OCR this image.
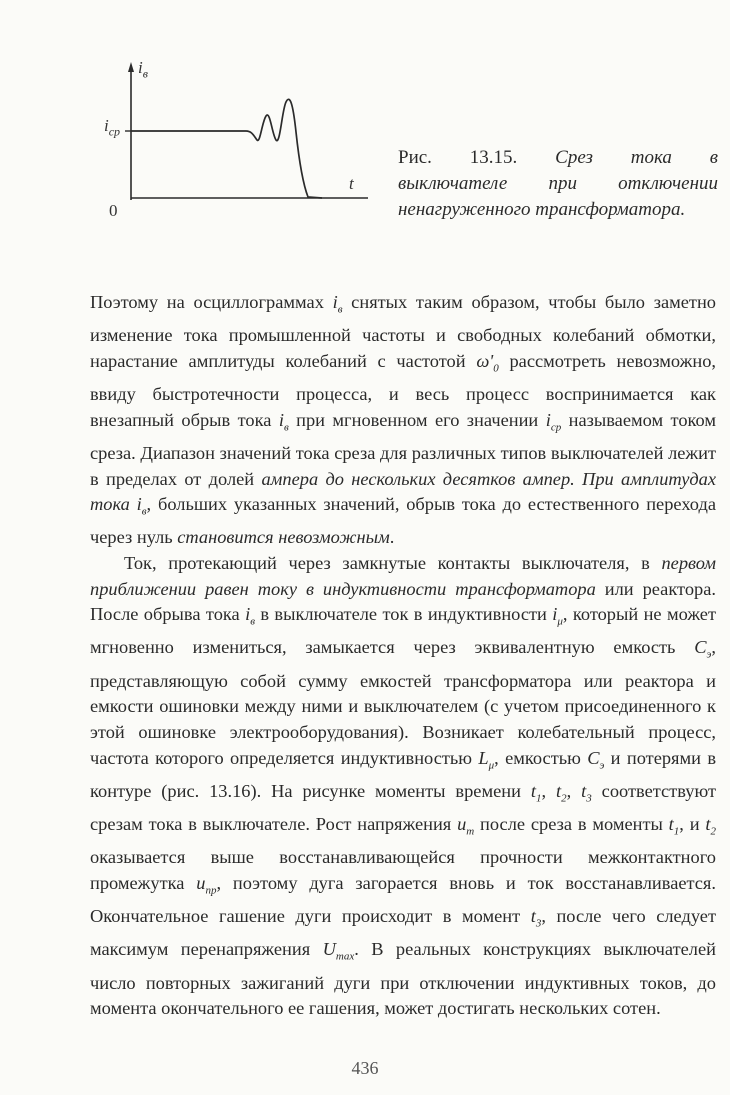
$i_в$
$i_{ср}$
t
0
Рис. 13.15. Срез тока в
выключателе при отключении
ненагруженного трансформатора.

Поэтому на осциллограммах $i_в$ снятых таким образом, чтобы было заметно изменение тока промышленной частоты и свободных колебаний обмотки, нарастание амплитуды колебаний с частотой $\omega'_0$ рассмотреть невозможно, ввиду быстротечности процесса, и весь процесс воспринимается как внезапный обрыв тока $i_в$ при мгновенном его значении $i_{ср}$ называемом током среза. Диапазон значений тока среза для различных типов выключателей лежит в пределах от долей ампера до нескольких десятков ампер. При амплитудах тока $i_в$, больших указанных значений, обрыв тока до естественного перехода через нуль становится невозможным.

Ток, протекающий через замкнутые контакты выключателя, в первом приближении равен току в индуктивности трансформатора или реактора. После обрыва тока $i_в$ в выключателе ток в индуктивности $i_\mu$, который не может мгновенно измениться, замыкается через эквивалентную емкость $C_э$, представляющую собой сумму емкостей трансформатора или реактора и емкости ошиновки между ними и выключателем (с учетом присоединенного к этой ошиновке электрооборудования). Возникает колебательный процесс, частота которого определяется индуктивностью $L_\mu$, емкостью $C_э$ и потерями в контуре (рис. 13.16). На рисунке моменты времени $t_1$, $t_2$, $t_3$ соответствуют срезам тока в выключателе. Рост напряжения $u_m$ после среза в моменты $t_1$, и $t_2$ оказывается выше восстанавливающейся прочности межконтактного промежутка $u_{пр}$, поэтому дуга загорается вновь и ток восстанавливается. Окончательное гашение дуги происходит в момент $t_3$, после чего следует максимум перенапряжения $U_{max}$. В реальных конструкциях выключателей число повторных зажиганий дуги при отключении индуктивных токов, до момента окончательного ее гашения, может достигать нескольких сотен.

436
